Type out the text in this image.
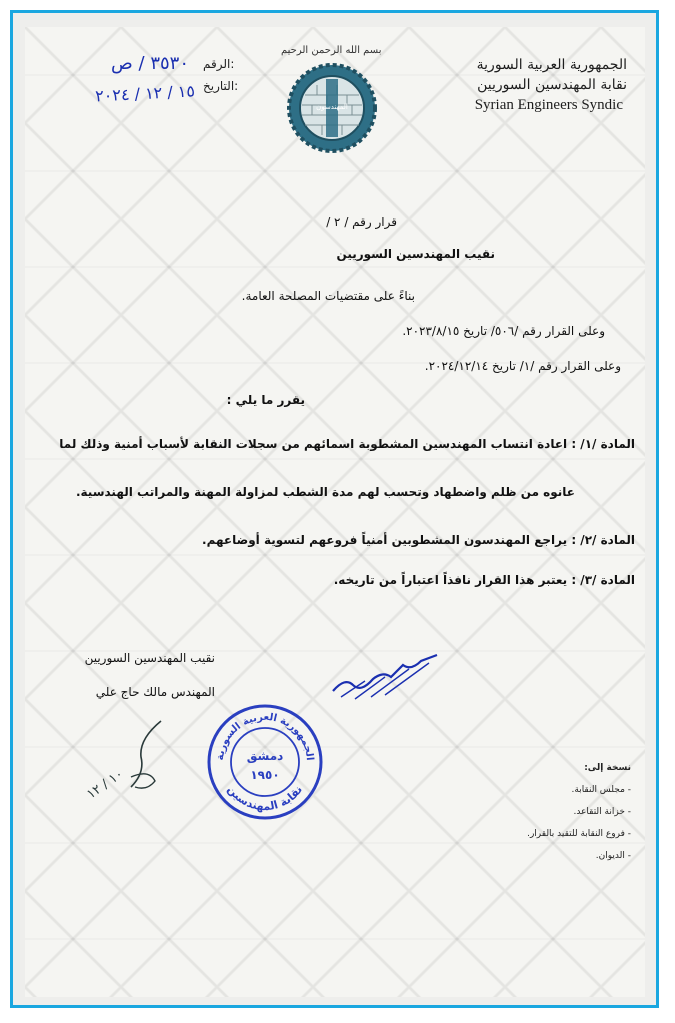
الجمهورية العربية السورية
نقابة المهندسين السوريين
Syrian Engineers Syndic
بسم الله الرحمن الرحيم
المهندسون
الرقم:
التاريخ:
٣٥٣٠ / ص
١٥ / ١٢ / ٢٠٢٤
قرار رقم / ٢ /
نقيب المهندسين السوريين
بناءً على مقتضيات المصلحة العامة.
وعلى القرار رقم /٥٠٦/ تاريخ ٢٠٢٣/٨/١٥.
وعلى القرار رقم /١/ تاريخ ٢٠٢٤/١٢/١٤.
يقرر ما يلي :
المادة /١/ : اعادة انتساب المهندسين المشطوبة اسمائهم من سجلات النقابة لأسباب أمنية وذلك لما
عانوه من ظلم واضطهاد وتحسب لهم مدة الشطب لمزاولة المهنة والمراتب الهندسية.
المادة /٢/ : يراجع المهندسون المشطوبين أمنياً فروعهم لتسوية أوضاعهم.
المادة /٣/ : يعتبر هذا القرار نافذاً اعتباراً من تاريخه.
نقيب المهندسين السوريين
المهندس مالك حاج علي
١٠ / ١٢
الجمهورية العربية السورية
نقابة المهندسين
دمشق
١٩٥٠	نسخة إلى:
- مجلس النقابة.
- خزانة التقاعد.
- فروع النقابة للتقيد بالقرار.
- الديوان.
